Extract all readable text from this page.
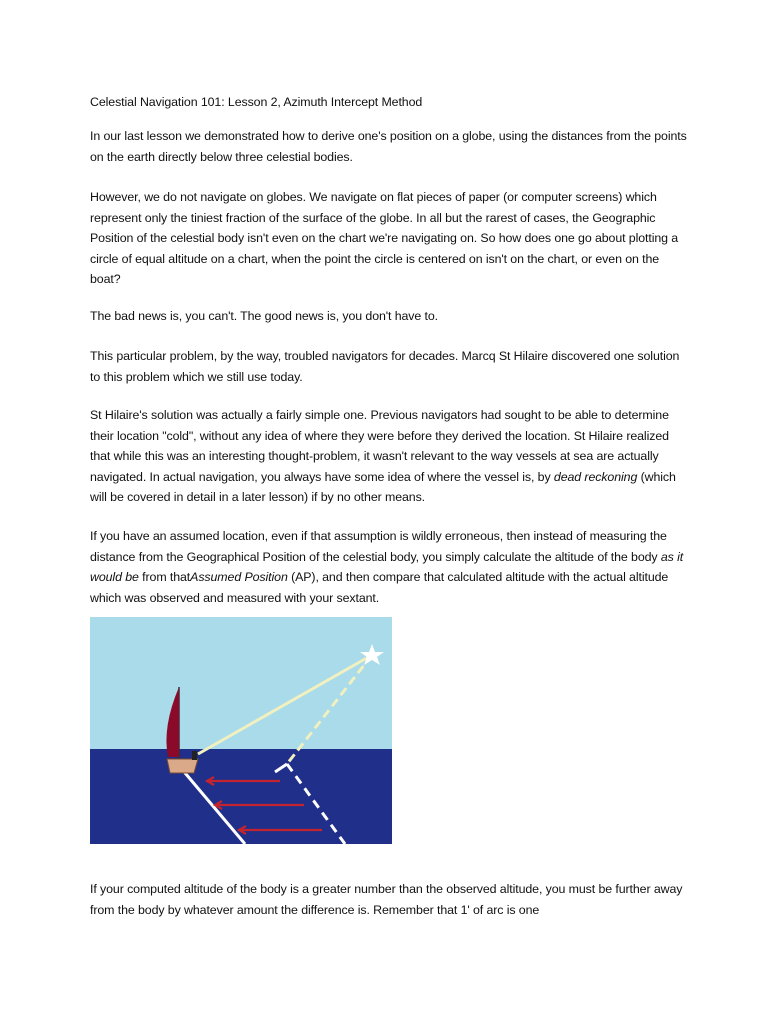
Celestial Navigation 101: Lesson 2, Azimuth Intercept Method

In our last lesson we demonstrated how to derive one's position on a globe, using the distances from the points on the earth directly below three celestial bodies.

However, we do not navigate on globes. We navigate on flat pieces of paper (or computer screens) which represent only the tiniest fraction of the surface of the globe. In all but the rarest of cases, the Geographic Position of the celestial body isn't even on the chart we're navigating on. So how does one go about plotting a circle of equal altitude on a chart, when the point the circle is centered on isn't on the chart, or even on the boat?

The bad news is, you can't. The good news is, you don't have to.

This particular problem, by the way, troubled navigators for decades. Marcq St Hilaire discovered one solution to this problem which we still use today.

St Hilaire's solution was actually a fairly simple one. Previous navigators had sought to be able to determine their location "cold", without any idea of where they were before they derived the location. St Hilaire realized that while this was an interesting thought-problem, it wasn't relevant to the way vessels at sea are actually navigated. In actual navigation, you always have some idea of where the vessel is, by dead reckoning (which will be covered in detail in a later lesson) if by no other means.

If you have an assumed location, even if that assumption is wildly erroneous, then instead of measuring the distance from the Geographical Position of the celestial body, you simply calculate the altitude of the body as it would be from thatAssumed Position (AP), and then compare that calculated altitude with the actual altitude which was observed and measured with your sextant.

If your computed altitude of the body is a greater number than the observed altitude, you must be further away from the body by whatever amount the difference is. Remember that 1' of arc is one
